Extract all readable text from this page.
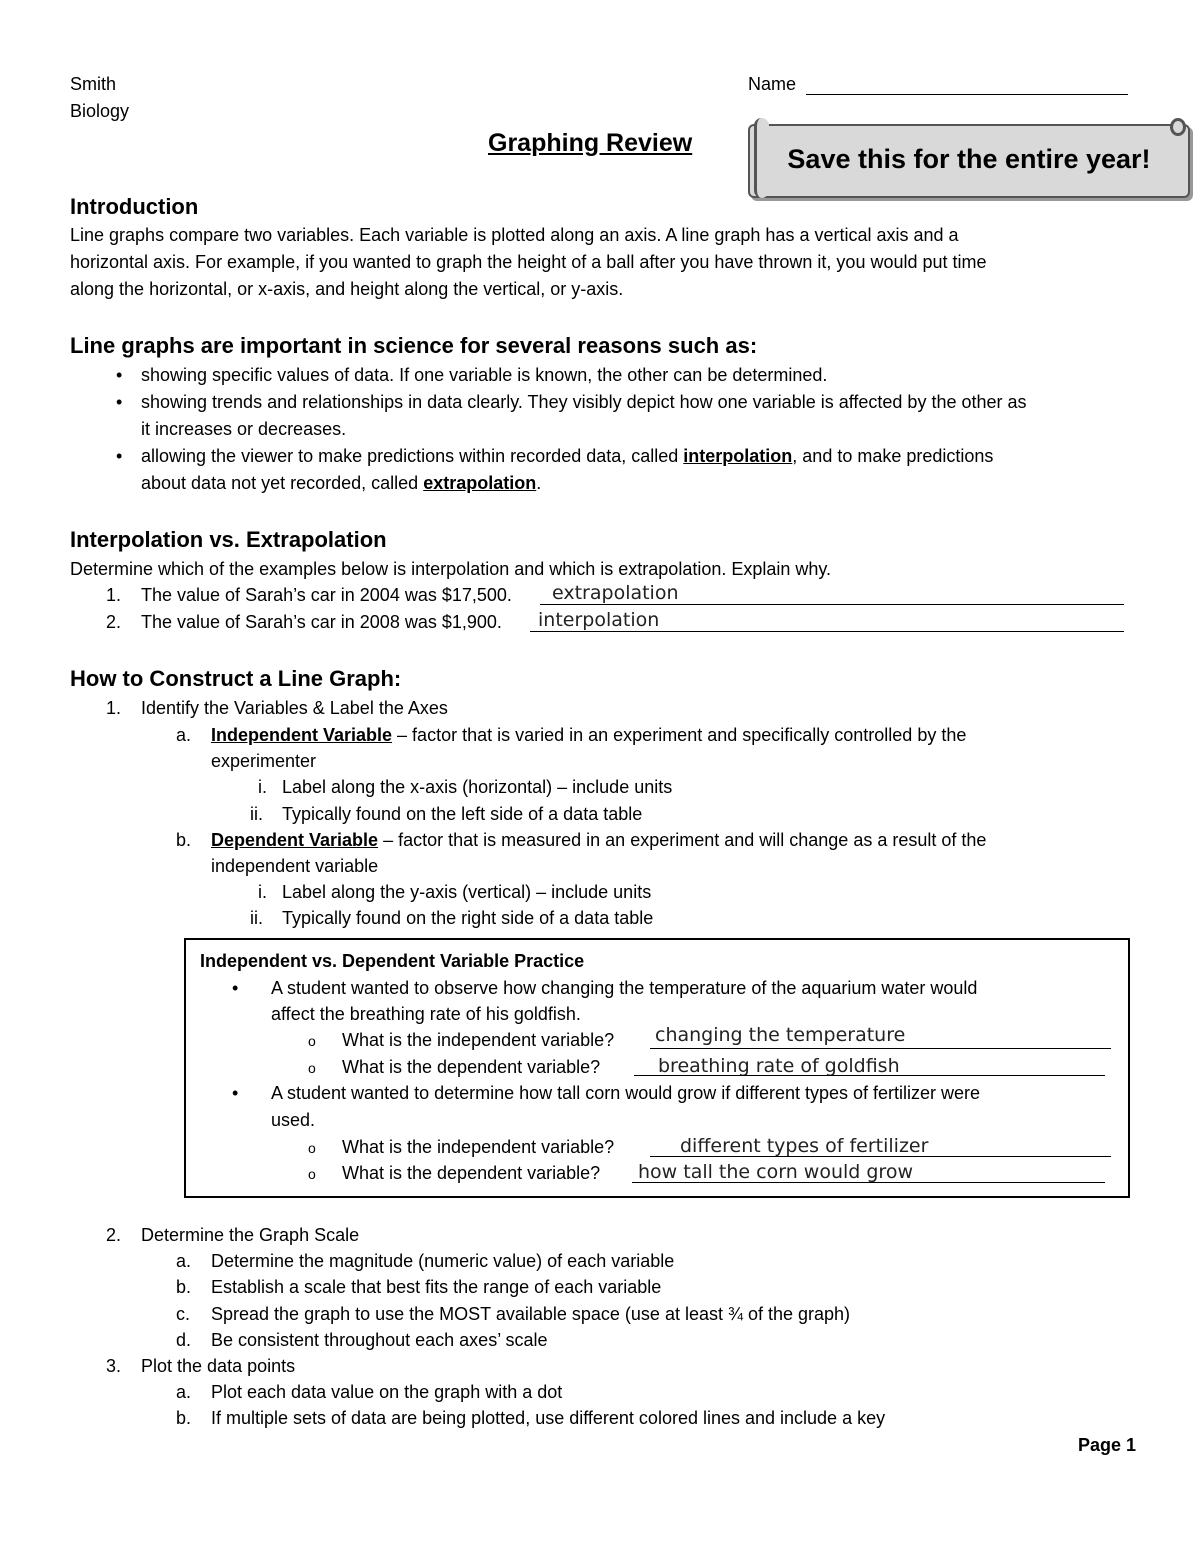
Smith
Biology
Name
Graphing Review
Save this for the entire year!
Introduction
Line graphs compare two variables. Each variable is plotted along an axis. A line graph has a vertical axis and a
horizontal axis. For example, if you wanted to graph the height of a ball after you have thrown it, you would put time
along the horizontal, or x-axis, and height along the vertical, or y-axis.
Line graphs are important in science for several reasons such as:
• showing specific values of data. If one variable is known, the other can be determined.
• showing trends and relationships in data clearly. They visibly depict how one variable is affected by the other as
it increases or decreases.
• allowing the viewer to make predictions within recorded data, called interpolation, and to make predictions
about data not yet recorded, called extrapolation.
Interpolation vs. Extrapolation
Determine which of the examples below is interpolation and which is extrapolation. Explain why.
1. The value of Sarah’s car in 2004 was $17,500. extrapolation
2. The value of Sarah’s car in 2008 was $1,900. interpolation
How to Construct a Line Graph:
1. Identify the Variables & Label the Axes
a. Independent Variable – factor that is varied in an experiment and specifically controlled by the
experimenter
i. Label along the x-axis (horizontal) – include units
ii. Typically found on the left side of a data table
b. Dependent Variable – factor that is measured in an experiment and will change as a result of the
independent variable
i. Label along the y-axis (vertical) – include units
ii. Typically found on the right side of a data table
Independent vs. Dependent Variable Practice
• A student wanted to observe how changing the temperature of the aquarium water would
affect the breathing rate of his goldfish.
o What is the independent variable? changing the temperature
o What is the dependent variable?	breathing rate of goldfish
• A student wanted to determine how tall corn would grow if different types of fertilizer were
used.
o What is the independent variable?	different types of fertilizer
o What is the dependent variable? how tall the corn would grow
2. Determine the Graph Scale
a. Determine the magnitude (numeric value) of each variable
b. Establish a scale that best fits the range of each variable
c. Spread the graph to use the MOST available space (use at least ¾ of the graph)
d. Be consistent throughout each axes’ scale
3. Plot the data points
a. Plot each data value on the graph with a dot
b. If multiple sets of data are being plotted, use different colored lines and include a key
Page 1
